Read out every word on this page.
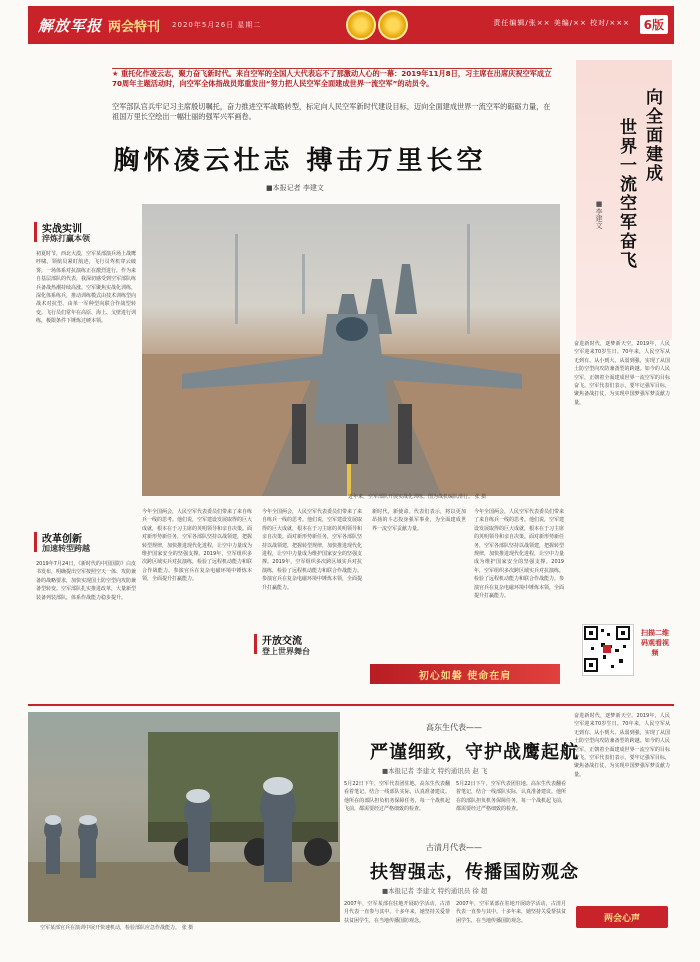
解放军报 两会特刊 2020年5月26日 星期二	责任编辑/张×× 美编/×× 校对/×××	6版
★ 重托化作凌云志，聚力奋飞新时代。来自空军的全国人大代表忘不了那激动人心的一幕：2019年11月8日，习主席在出席庆祝空军成立70周年主题活动时，向空军全体指战员郑重发出“努力把人民空军全面建成世界一流空军”的动员令。
空军部队官兵牢记习主席殷切嘱托，奋力推进空军战略转型，标定向人民空军新时代建设目标，迈向全面建成世界一流空军的砺砺力量，在祖国万里长空绘出一幅壮丽的强军兴军画卷。
胸怀凌云壮志 搏击万里长空
■本报记者 李建文
向全面建成
世界一流空军奋飞
■李建文
近年来，空军部队开展实战化训练。图为战机编队滑行。 张 摄
实战实训
淬炼打赢本领
初夏时节，西北大漠，空军某部演兵场上战鹰呼啸。领航员紧盯航迹，飞行员驾机穿云破雾，一场体系对抗演练正在激烈进行。作为来自基层部队的代表，我深切感受到空军部队练兵备战热潮持续高涨。空军聚焦实战化训练，深化体系练兵，推动训练模式由技术训练型向战术对抗型、由单一军种型向联合作战型转变。飞行员们常年在高原、海上、戈壁进行训练，极限条件下锤炼过硬本领。
改革创新
加速转型跨越
2019年7月24日，《新时代的中国国防》白皮书发布，明确提出空军按照空天一体、攻防兼备的战略要求，加快实现国土防空型向攻防兼备型转变。空军部队扎实推进改革，大量新型装备列装部队，体系作战能力稳步提升。
今年全国两会，人民空军代表委员们带来了来自练兵一线的思考。他们说，空军建设发展取得的巨大成就，根本在于习主席的英明领导和亲自决策。面对新形势新任务，空军各部队坚持以战领建，把握转型规律，加快推进现代化进程，让空中力量成为维护国家安全的坚强支撑。2019年，空军组织多次跨区域实兵对抗演练，检验了远程机动能力和联合作战能力。参演官兵在复杂电磁环境中锤炼本领，全面提升打赢能力。
今年全国两会，人民空军代表委员们带来了来自练兵一线的思考。他们说，空军建设发展取得的巨大成就，根本在于习主席的英明领导和亲自决策。面对新形势新任务，空军各部队坚持以战领建，把握转型规律，加快推进现代化进程，让空中力量成为维护国家安全的坚强支撑。2019年，空军组织多次跨区域实兵对抗演练，检验了远程机动能力和联合作战能力。参演官兵在复杂电磁环境中锤炼本领，全面提升打赢能力。
新时代，新使命。代表们表示，将以更加昂扬的斗志投身强军事业，为全面建成世界一流空军贡献力量。
今年全国两会，人民空军代表委员们带来了来自练兵一线的思考。他们说，空军建设发展取得的巨大成就，根本在于习主席的英明领导和亲自决策。面对新形势新任务，空军各部队坚持以战领建，把握转型规律，加快推进现代化进程，让空中力量成为维护国家安全的坚强支撑。2019年，空军组织多次跨区域实兵对抗演练，检验了远程机动能力和联合作战能力。参演官兵在复杂电磁环境中锤炼本领，全面提升打赢能力。
开放交流
登上世界舞台
初心如磐 使命在肩
奋进新时代，逐梦新天空。2019年，人民空军迎来70岁生日。70年来，人民空军从无到有、从小到大、从弱到强，实现了从国土防空型向攻防兼备型的跨越。如今的人民空军，正朝着全面建成世界一流空军的目标奋飞。空军代表们表示，要牢记强军目标，聚焦备战打仗，为实现中国梦强军梦贡献力量。
扫描二维码观看视频
空军某部官兵在演训中展开快速机动，检验部队应急作战能力。 张 摄
高东生代表——
严谨细致，守护战鹰起航
■本报记者 李建文 特约通讯员 赵 飞
5月22日下午，空军代表团驻地。高东生代表翻看着笔记，结合一线部队实际，认真准备建议。他所在的部队担负机务保障任务，每一个战机起飞前，都需要经过严格细致的检查。
5月22日下午，空军代表团驻地。高东生代表翻看着笔记，结合一线部队实际，认真准备建议。他所在的部队担负机务保障任务，每一个战机起飞前，都需要经过严格细致的检查。
古清月代表——
扶智强志，传播国防观念
■本报记者 李建文 特约通讯员 徐 超
2007年，空军某部在驻地开展助学活动，古清月代表一直参与其中。十多年来，她坚持关爱帮扶贫困学生，在当地传播国防观念。
2007年，空军某部在驻地开展助学活动，古清月代表一直参与其中。十多年来，她坚持关爱帮扶贫困学生，在当地传播国防观念。
奋进新时代，逐梦新天空。2019年，人民空军迎来70岁生日。70年来，人民空军从无到有、从小到大、从弱到强，实现了从国土防空型向攻防兼备型的跨越。如今的人民空军，正朝着全面建成世界一流空军的目标奋飞。空军代表们表示，要牢记强军目标，聚焦备战打仗，为实现中国梦强军梦贡献力量。
两会心声
